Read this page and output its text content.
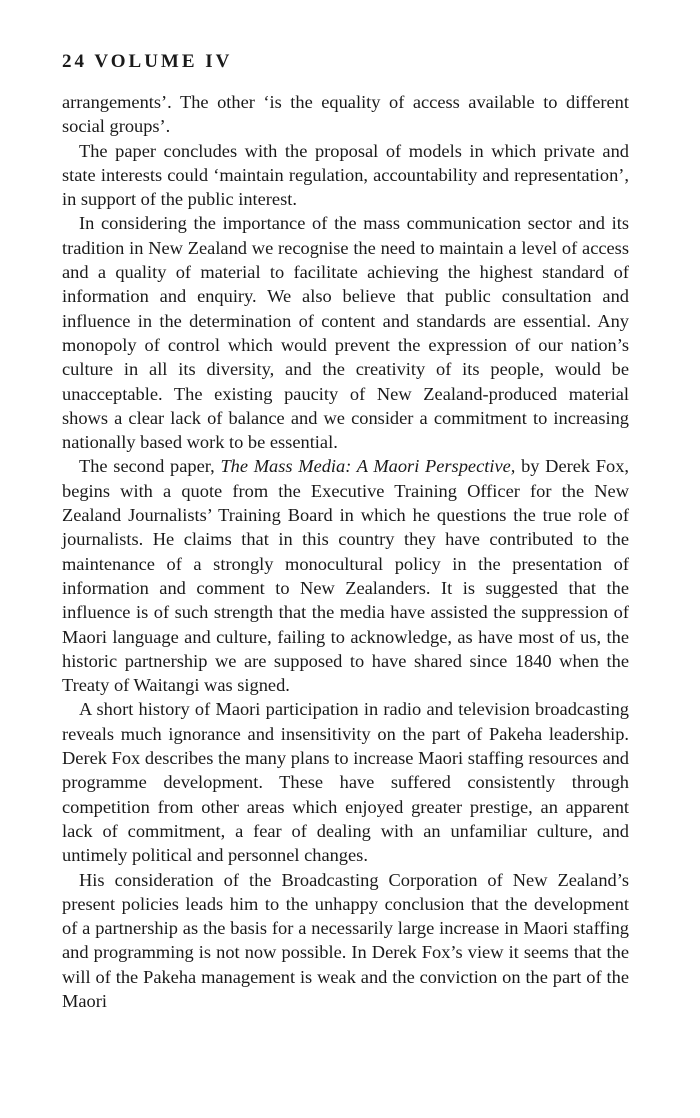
24 VOLUME IV

arrangements’. The other ‘is the equality of access available to different social groups’.

The paper concludes with the proposal of models in which private and state interests could ‘maintain regulation, accountability and representation’, in support of the public interest.

In considering the importance of the mass communication sector and its tradition in New Zealand we recognise the need to maintain a level of access and a quality of material to facilitate achieving the highest standard of information and enquiry. We also believe that public consultation and influence in the determination of content and standards are essential. Any monopoly of control which would prevent the expression of our nation’s culture in all its diversity, and the creativity of its people, would be unacceptable. The existing paucity of New Zealand-produced material shows a clear lack of balance and we consider a commitment to increasing nationally based work to be essential.

The second paper, The Mass Media: A Maori Perspective, by Derek Fox, begins with a quote from the Executive Training Officer for the New Zealand Journalists’ Training Board in which he questions the true role of journalists. He claims that in this country they have contributed to the maintenance of a strongly monocultural policy in the presentation of information and comment to New Zealanders. It is suggested that the influence is of such strength that the media have assisted the suppression of Maori language and culture, failing to acknowledge, as have most of us, the historic partnership we are supposed to have shared since 1840 when the Treaty of Waitangi was signed.

A short history of Maori participation in radio and television broadcasting reveals much ignorance and insensitivity on the part of Pakeha leadership. Derek Fox describes the many plans to increase Maori staffing resources and programme development. These have suffered consistently through competition from other areas which enjoyed greater prestige, an apparent lack of commitment, a fear of dealing with an unfamiliar culture, and untimely political and personnel changes.

His consideration of the Broadcasting Corporation of New Zealand’s present policies leads him to the unhappy conclusion that the development of a partnership as the basis for a necessarily large increase in Maori staffing and programming is not now possible. In Derek Fox’s view it seems that the will of the Pakeha management is weak and the conviction on the part of the Maori
